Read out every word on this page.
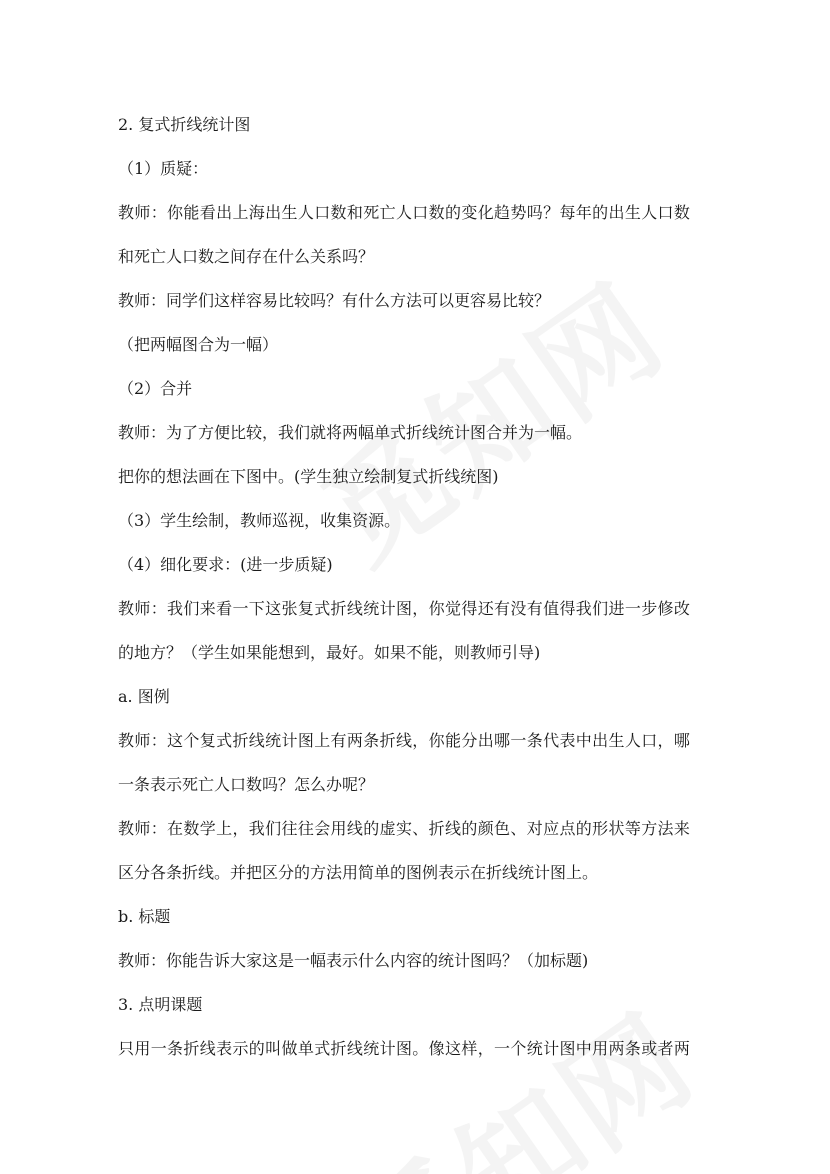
2. 复式折线统计图
（1）质疑：
教师：你能看出上海出生人口数和死亡人口数的变化趋势吗？每年的出生人口数
和死亡人口数之间存在什么关系吗？
教师：同学们这样容易比较吗？有什么方法可以更容易比较？
（把两幅图合为一幅）
（2）合并
教师：为了方便比较，我们就将两幅单式折线统计图合并为一幅。
把你的想法画在下图中。(学生独立绘制复式折线统图)
（3）学生绘制，教师巡视，收集资源。
（4）细化要求：(进一步质疑)
教师：我们来看一下这张复式折线统计图，你觉得还有没有值得我们进一步修改
的地方？（学生如果能想到，最好。如果不能，则教师引导)
a. 图例
教师：这个复式折线统计图上有两条折线，你能分出哪一条代表中出生人口，哪
一条表示死亡人口数吗？怎么办呢？
教师：在数学上，我们往往会用线的虚实、折线的颜色、对应点的形状等方法来
区分各条折线。并把区分的方法用简单的图例表示在折线统计图上。
b. 标题
教师：你能告诉大家这是一幅表示什么内容的统计图吗？（加标题)
3. 点明课题
只用一条折线表示的叫做单式折线统计图。像这样，一个统计图中用两条或者两
